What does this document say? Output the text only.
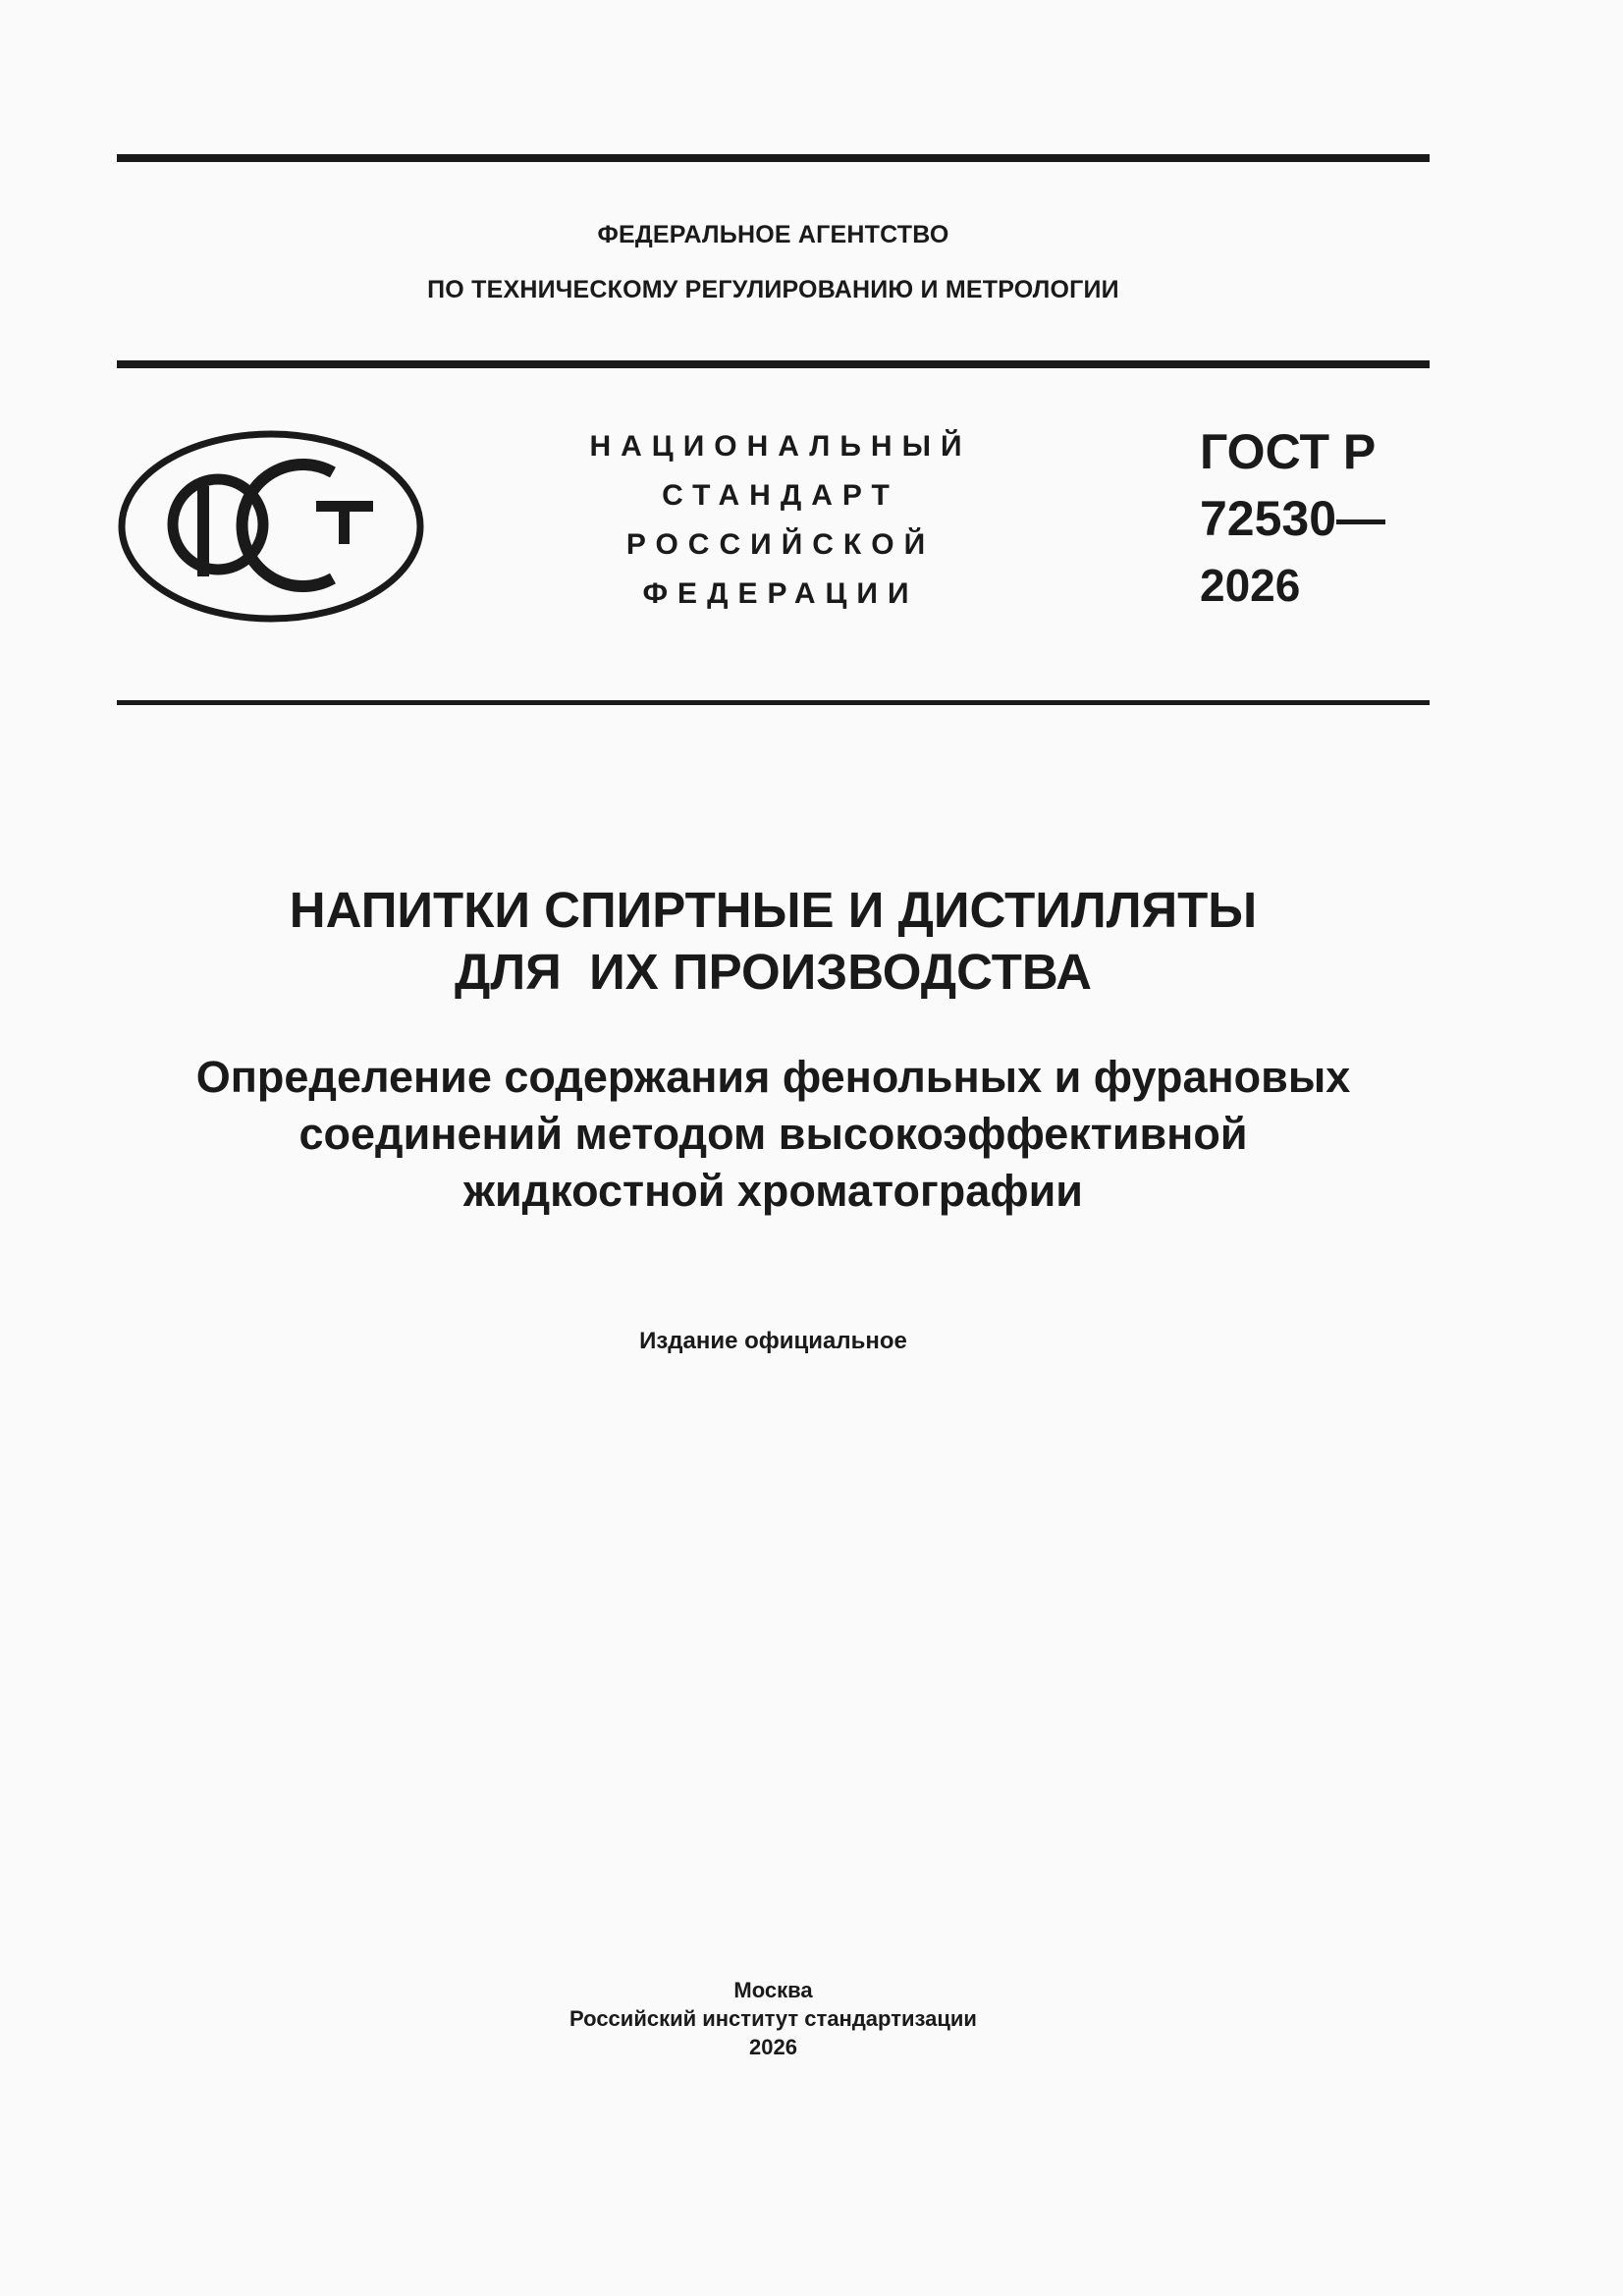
ФЕДЕРАЛЬНОЕ АГЕНТСТВО
ПО ТЕХНИЧЕСКОМУ РЕГУЛИРОВАНИЮ И МЕТРОЛОГИИ
НАЦИОНАЛЬНЫЙ
СТАНДАРТ
РОССИЙСКОЙ
ФЕДЕРАЦИИ
ГОСТ Р
72530—
2026
НАПИТКИ СПИРТНЫЕ И ДИСТИЛЛЯТЫ
ДЛЯ  ИХ ПРОИЗВОДСТВА
Определение содержания фенольных и фурановых
соединений методом высокоэффективной
жидкостной хроматографии
Издание официальное
Москва
Российский институт стандартизации
2026
